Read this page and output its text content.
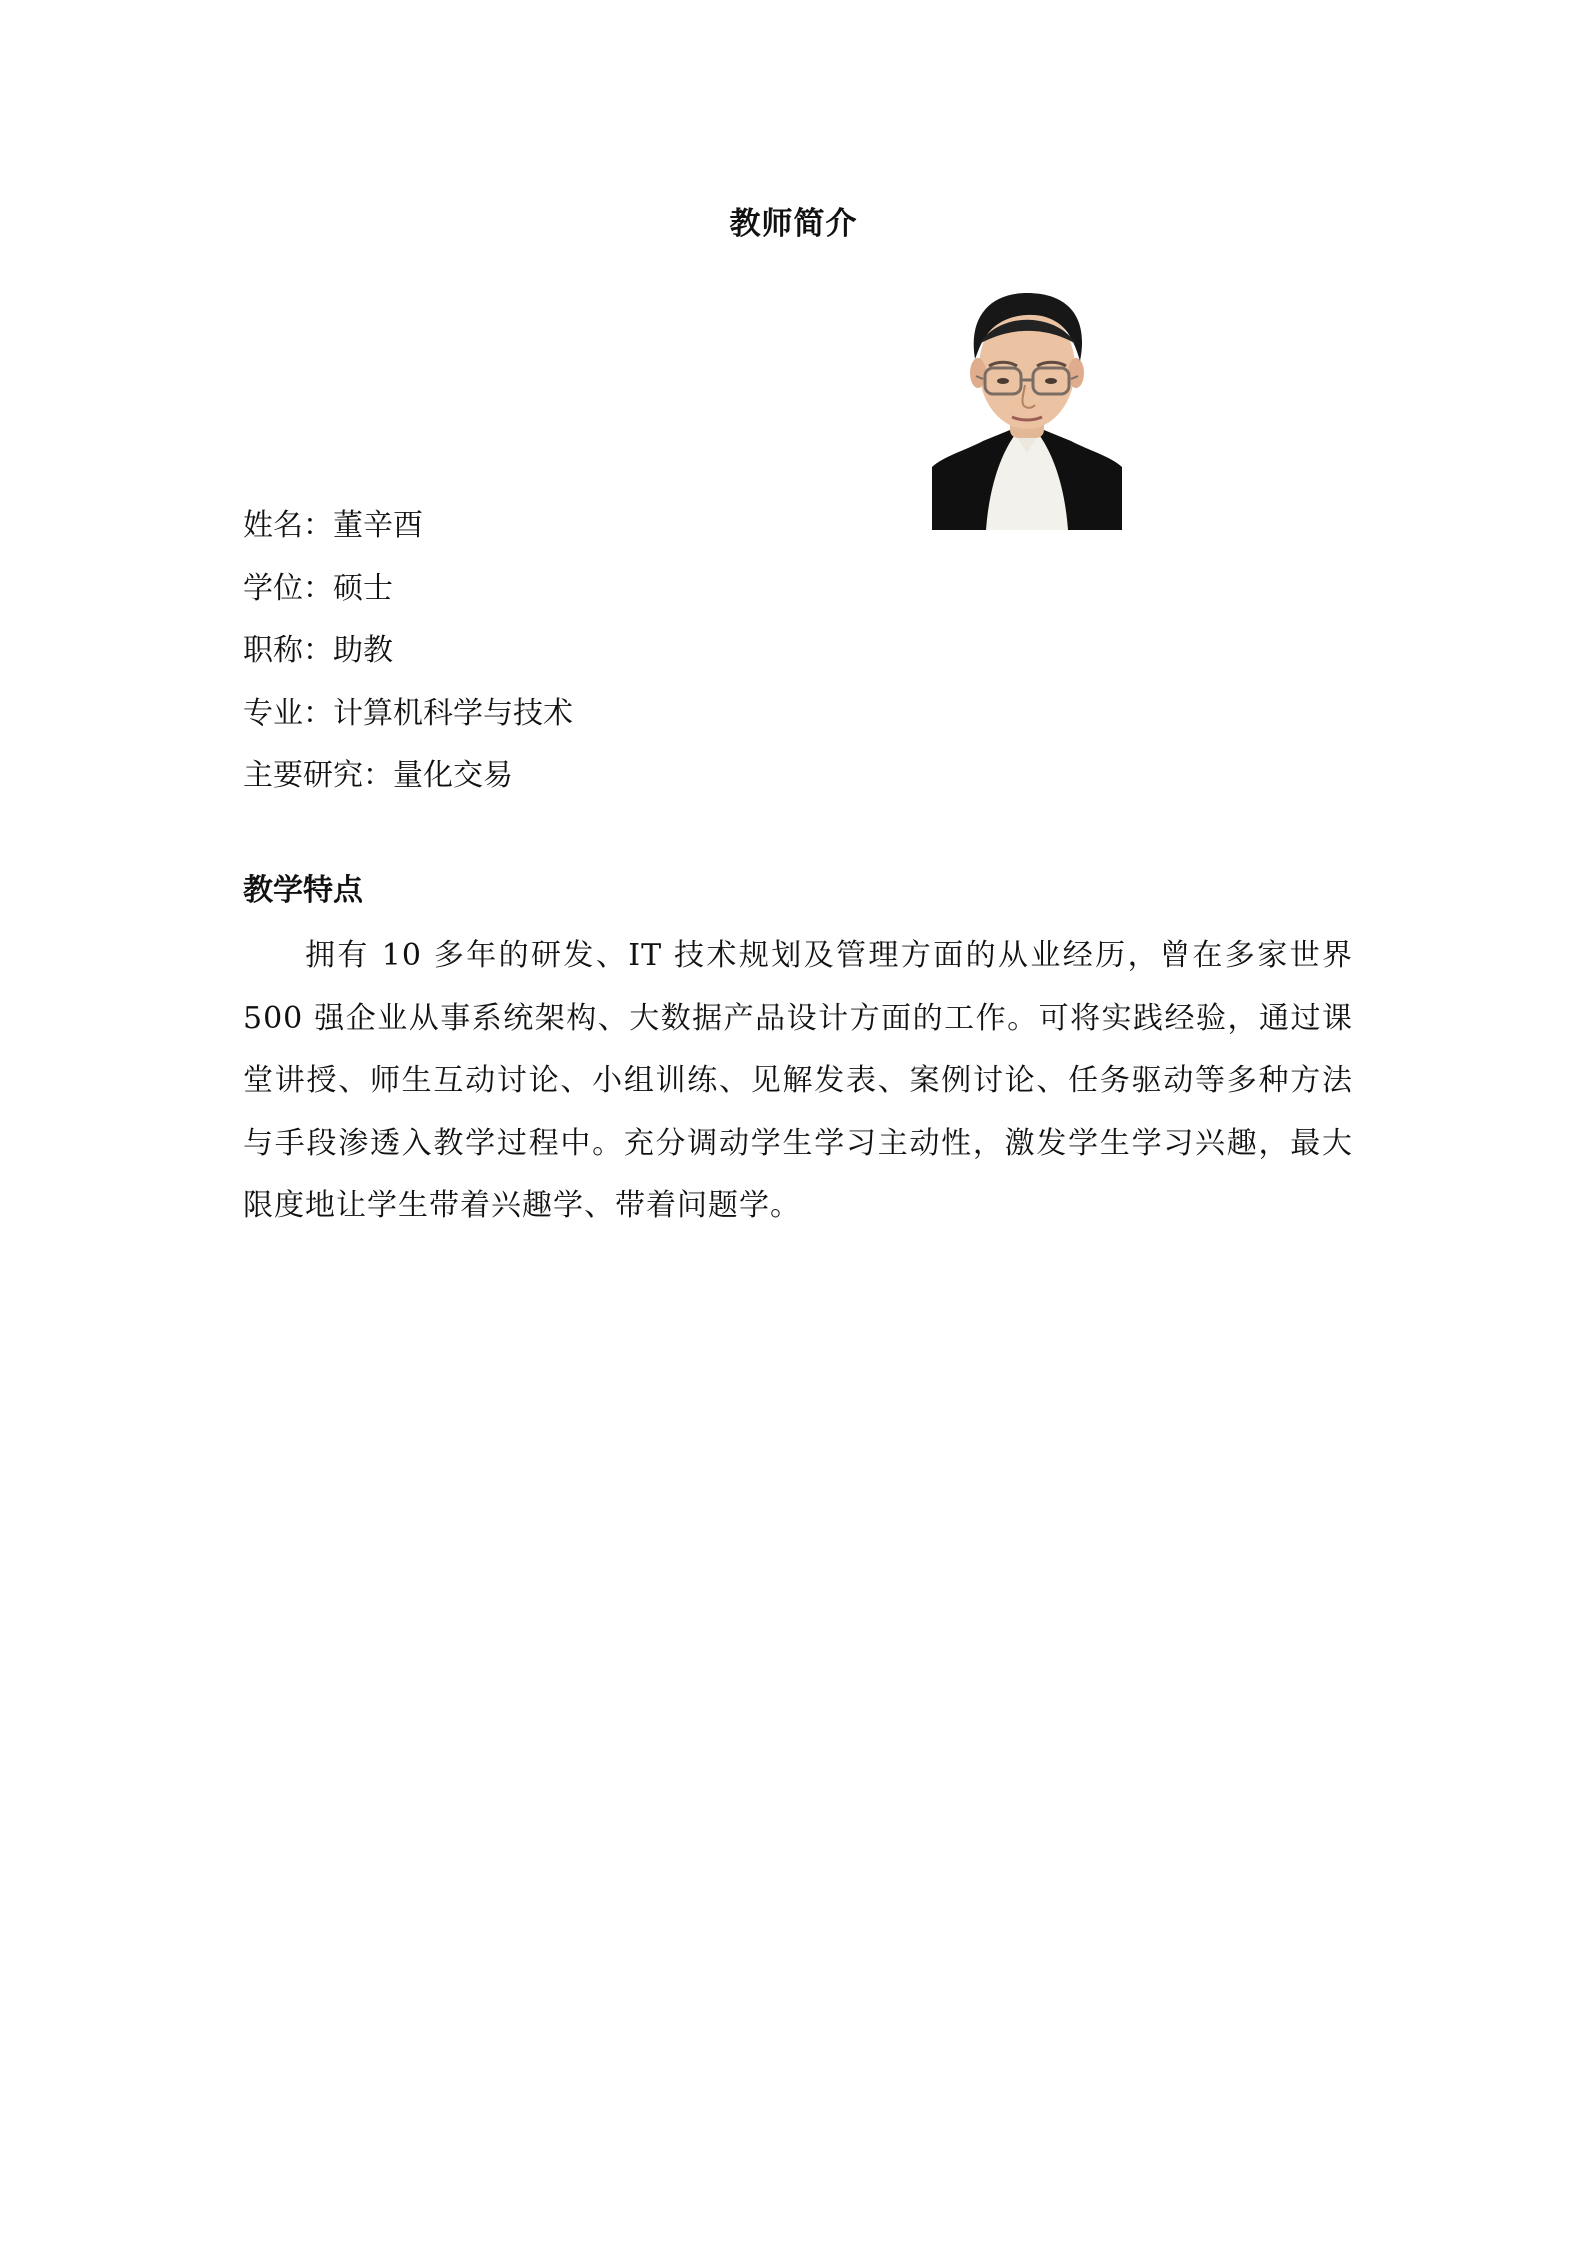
教师简介
姓名：董辛酉
学位：硕士
职称：助教
专业：计算机科学与技术
主要研究：量化交易
教学特点
拥有 10 多年的研发、IT 技术规划及管理方面的从业经历，曾在多家世界 500 强企业从事系统架构、大数据产品设计方面的工作。可将实践经验，通过课堂讲授、师生互动讨论、小组训练、见解发表、案例讨论、任务驱动等多种方法与手段渗透入教学过程中。充分调动学生学习主动性，激发学生学习兴趣，最大限度地让学生带着兴趣学、带着问题学。
